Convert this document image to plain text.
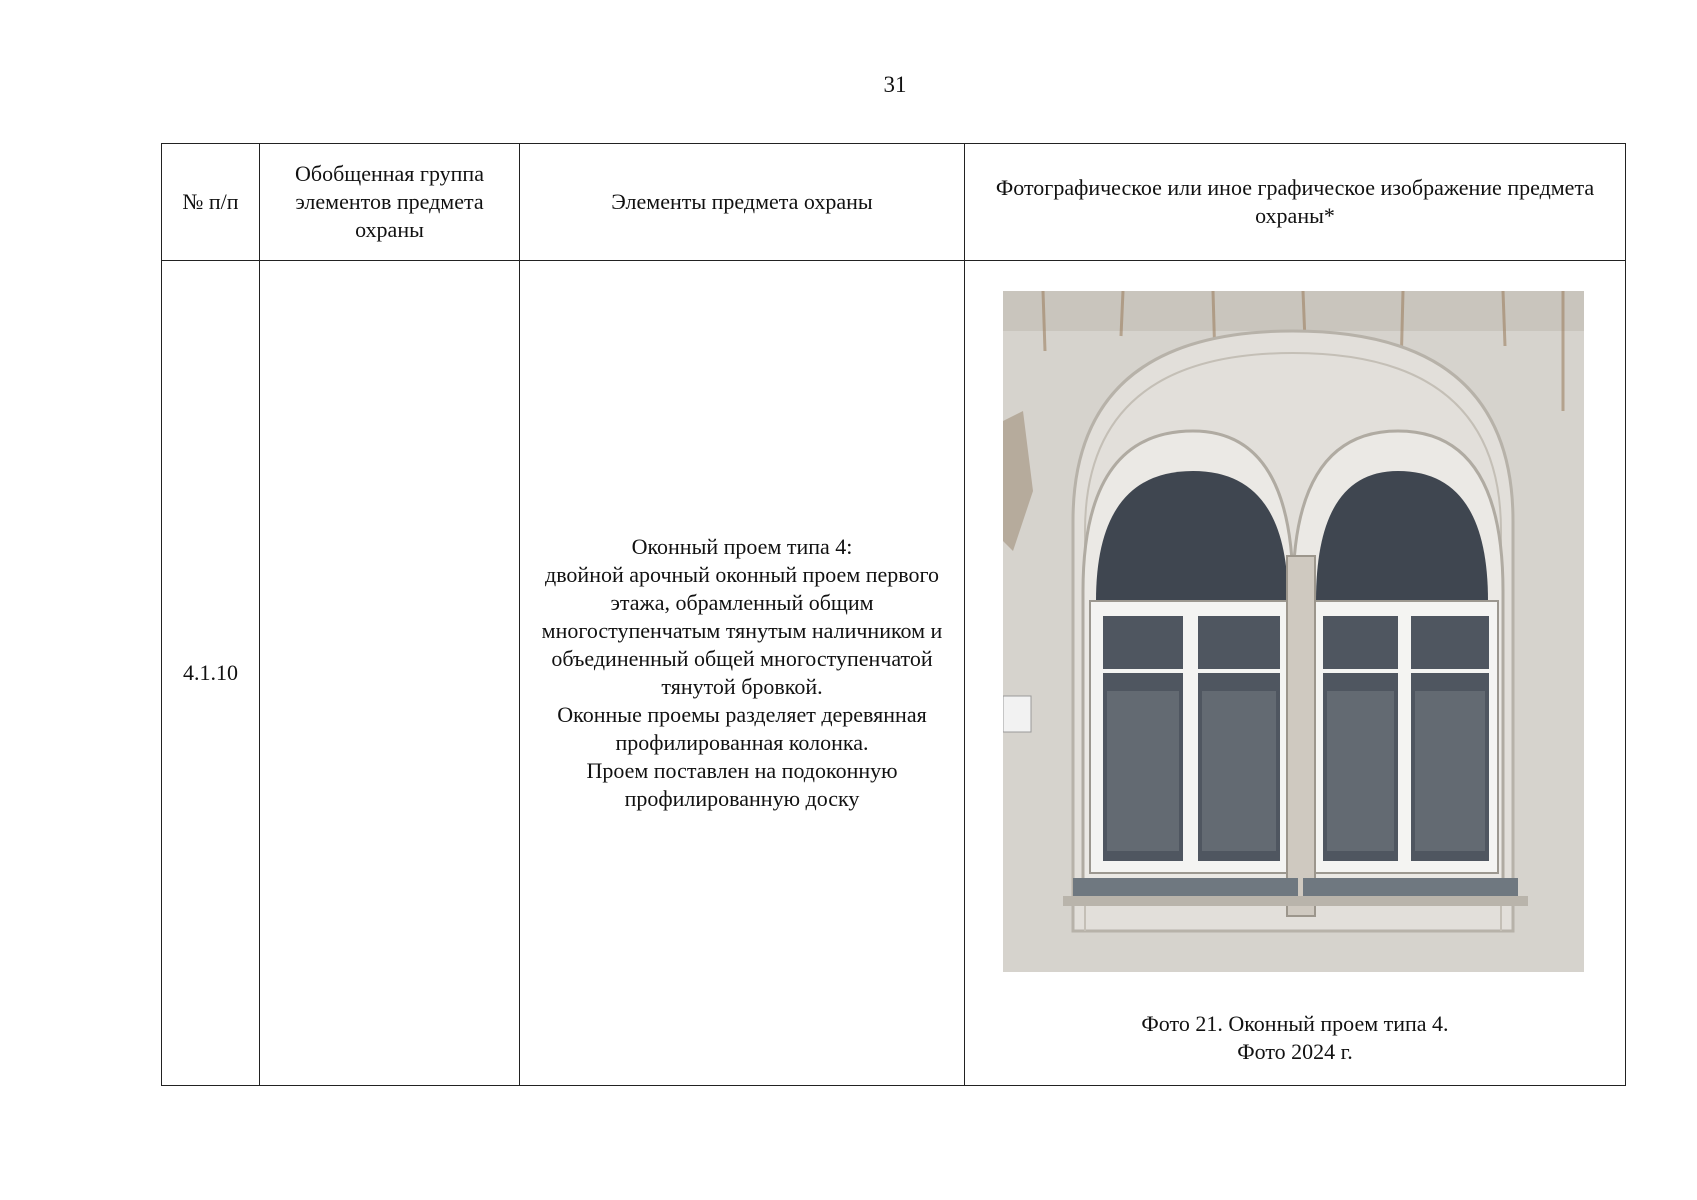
31
№ п/п	Обобщенная группа элементов предмета охраны	Элементы предмета охраны	Фотографическое или иное графическое изображение предмета охраны*
4.1.10		Оконный проем типа 4:
двойной арочный оконный проем первого этажа, обрамленный общим многоступенчатым тянутым наличником и объединенный общей многоступенчатой тянутой бровкой.
Оконные проемы разделяет деревянная профилированная колонка.
Проем поставлен на подоконную профилированную доску	Фото 21. Оконный проем типа 4.
Фото 2024 г.
